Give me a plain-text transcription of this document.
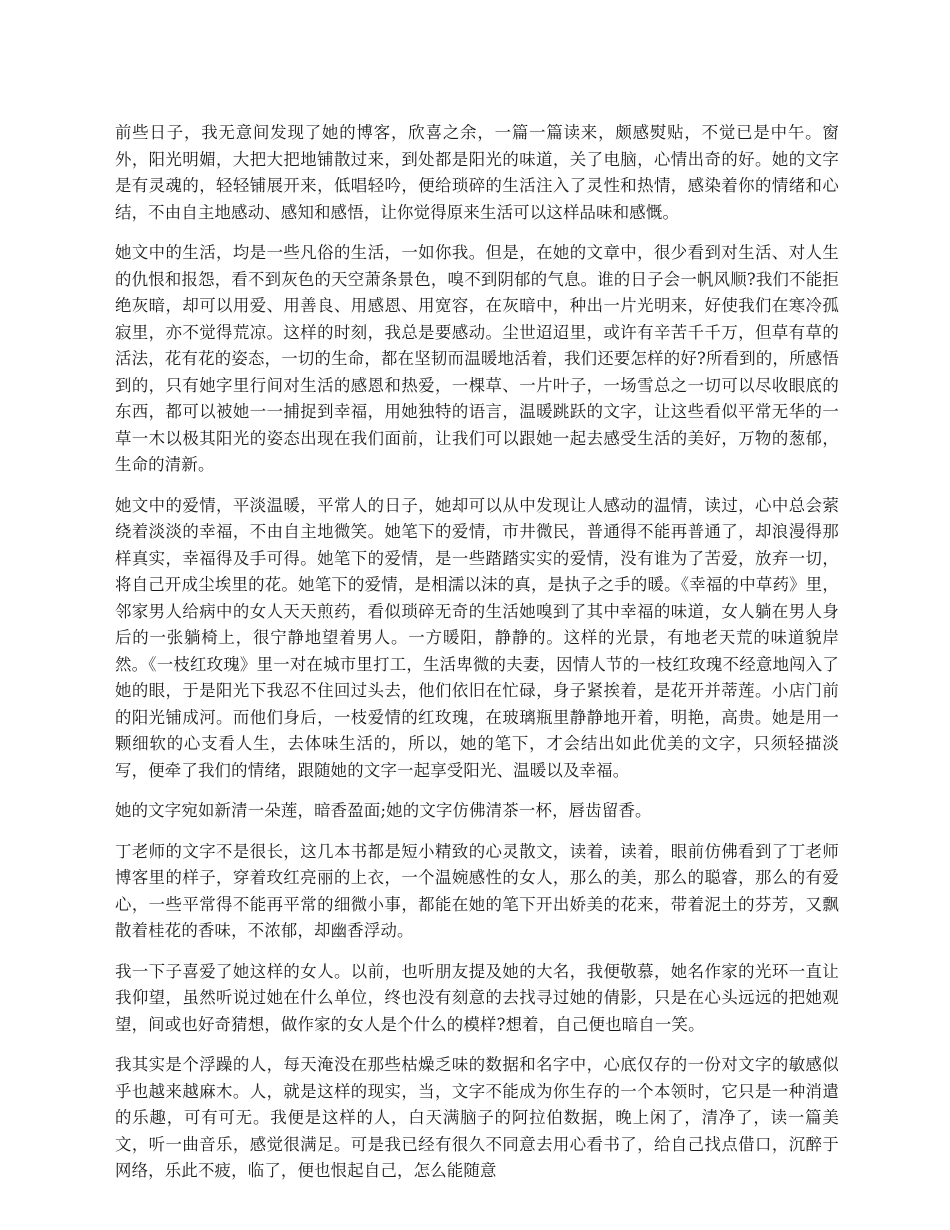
前些日子，我无意间发现了她的博客，欣喜之余，一篇一篇读来，颇感熨贴，不觉已是中午。窗外，阳光明媚，大把大把地铺散过来，到处都是阳光的味道，关了电脑，心情出奇的好。她的文字是有灵魂的，轻轻铺展开来，低唱轻吟，便给琐碎的生活注入了灵性和热情，感染着你的情绪和心结，不由自主地感动、感知和感悟，让你觉得原来生活可以这样品味和感慨。

她文中的生活，均是一些凡俗的生活，一如你我。但是，在她的文章中，很少看到对生活、对人生的仇恨和报怨，看不到灰色的天空萧条景色，嗅不到阴郁的气息。谁的日子会一帆风顺?我们不能拒绝灰暗，却可以用爱、用善良、用感恩、用宽容，在灰暗中，种出一片光明来，好使我们在寒冷孤寂里，亦不觉得荒凉。这样的时刻，我总是要感动。尘世迢迢里，或许有辛苦千千万，但草有草的活法，花有花的姿态，一切的生命，都在坚韧而温暖地活着，我们还要怎样的好?所看到的，所感悟到的，只有她字里行间对生活的感恩和热爱，一棵草、一片叶子，一场雪总之一切可以尽收眼底的东西，都可以被她一一捕捉到幸福，用她独特的语言，温暖跳跃的文字，让这些看似平常无华的一草一木以极其阳光的姿态出现在我们面前，让我们可以跟她一起去感受生活的美好，万物的葱郁，生命的清新。

她文中的爱情，平淡温暖，平常人的日子，她却可以从中发现让人感动的温情，读过，心中总会萦绕着淡淡的幸福，不由自主地微笑。她笔下的爱情，市井微民，普通得不能再普通了，却浪漫得那样真实，幸福得及手可得。她笔下的爱情，是一些踏踏实实的爱情，没有谁为了苦爱，放弃一切，将自己开成尘埃里的花。她笔下的爱情，是相濡以沫的真，是执子之手的暖。《幸福的中草药》里，邻家男人给病中的女人天天煎药，看似琐碎无奇的生活她嗅到了其中幸福的味道，女人躺在男人身后的一张躺椅上，很宁静地望着男人。一方暖阳，静静的。这样的光景，有地老天荒的味道貌岸然。《一枝红玫瑰》里一对在城市里打工，生活卑微的夫妻，因情人节的一枝红玫瑰不经意地闯入了她的眼，于是阳光下我忍不住回过头去，他们依旧在忙碌，身子紧挨着，是花开并蒂莲。小店门前的阳光铺成河。而他们身后，一枝爱情的红玫瑰，在玻璃瓶里静静地开着，明艳，高贵。她是用一颗细软的心支看人生，去体味生活的，所以，她的笔下，才会结出如此优美的文字，只须轻描淡写，便牵了我们的情绪，跟随她的文字一起享受阳光、温暖以及幸福。

她的文字宛如新清一朵莲，暗香盈面;她的文字仿佛清茶一杯，唇齿留香。

丁老师的文字不是很长，这几本书都是短小精致的心灵散文，读着，读着，眼前仿佛看到了丁老师博客里的样子，穿着玫红亮丽的上衣，一个温婉感性的女人，那么的美，那么的聪睿，那么的有爱心，一些平常得不能再平常的细微小事，都能在她的笔下开出娇美的花来，带着泥土的芬芳，又飘散着桂花的香味，不浓郁，却幽香浮动。

我一下子喜爱了她这样的女人。以前，也听朋友提及她的大名，我便敬慕，她名作家的光环一直让我仰望，虽然听说过她在什么单位，终也没有刻意的去找寻过她的倩影，只是在心头远远的把她观望，间或也好奇猜想，做作家的女人是个什么的模样?想着，自己便也暗自一笑。

我其实是个浮躁的人，每天淹没在那些枯燥乏味的数据和名字中，心底仅存的一份对文字的敏感似乎也越来越麻木。人，就是这样的现实，当，文字不能成为你生存的一个本领时，它只是一种消遣的乐趣，可有可无。我便是这样的人，白天满脑子的阿拉伯数据，晚上闲了，清净了，读一篇美文，听一曲音乐，感觉很满足。可是我已经有很久不同意去用心看书了，给自己找点借口，沉醉于网络，乐此不疲，临了，便也恨起自己，怎么能随意
